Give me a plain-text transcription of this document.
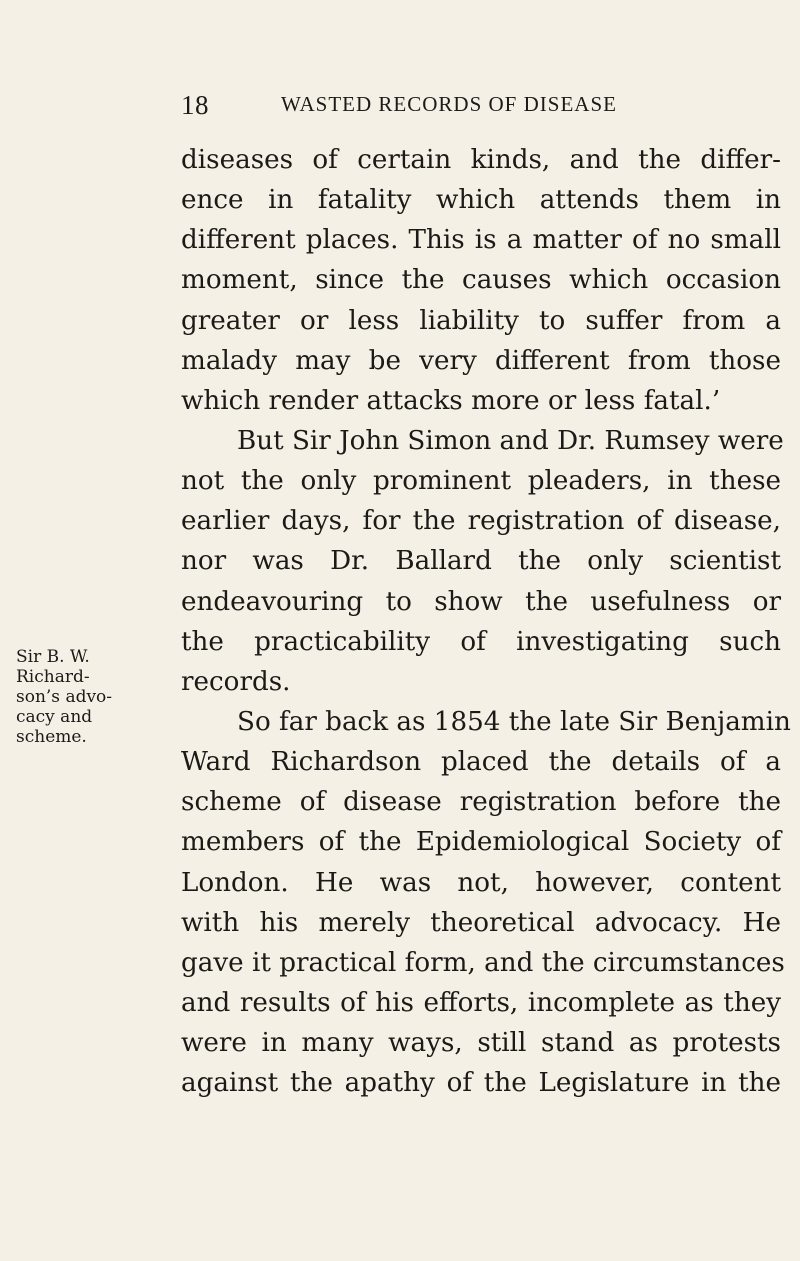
18	WASTED RECORDS OF DISEASE
Sir B. W.
Richard-
son’s advo-
cacy and
scheme.
diseases of certain kinds, and the differ-
ence in fatality which attends them in
different places. This is a matter of no small
moment, since the causes which occasion
greater or less liability to suffer from a
malady may be very different from those
which render attacks more or less fatal.’
But Sir John Simon and Dr. Rumsey were
not the only prominent pleaders, in these
earlier days, for the registration of disease,
nor was Dr. Ballard the only scientist
endeavouring to show the usefulness or
the practicability of investigating such
records.
So far back as 1854 the late Sir Benjamin
Ward Richardson placed the details of a
scheme of disease registration before the
members of the Epidemiological Society of
London. He was not, however, content
with his merely theoretical advocacy. He
gave it practical form, and the circumstances
and results of his efforts, incomplete as they
were in many ways, still stand as protests
against the apathy of the Legislature in the
